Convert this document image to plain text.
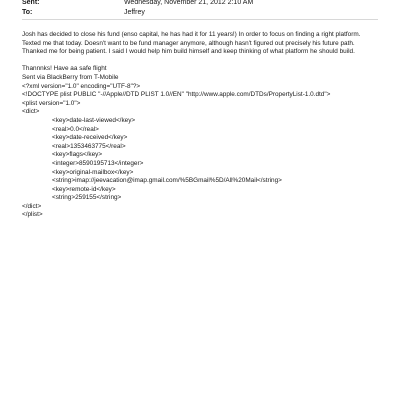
Sent:	Wednesday, November 21, 2012 2:10 AM
To:	Jeffrey
Josh has decided to close his fund (enso capital, he has had it for 11 years!) In order to focus on finding a right platform.
Texted me that today. Doesn't want to be fund manager anymore, although hasn't figured out precisely his future path.
Thanked me for being patient. I said I would help him build himself and keep thinking of what platform he should build.
Thannnks! Have aa safe flight
Sent via BlackBerry from T-Mobile
<?xml version="1.0" encoding="UTF-8"?>
<!DOCTYPE plist PUBLIC "-//Apple//DTD PLIST 1.0//EN" "http://www.apple.com/DTDs/PropertyList-1.0.dtd">
<plist version="1.0">
<dict>
<key>date-last-viewed</key>
<real>0.0</real>
<key>date-received</key>
<real>1353463775</real>
<key>flags</key>
<integer>8590195713</integer>
<key>original-mailbox</key>
<string>imap://jeevacation@imap.gmail.com/%5BGmail%5D/All%20Mail</string>
<key>remote-id</key>
<string>259155</string>
</dict>
</plist>
